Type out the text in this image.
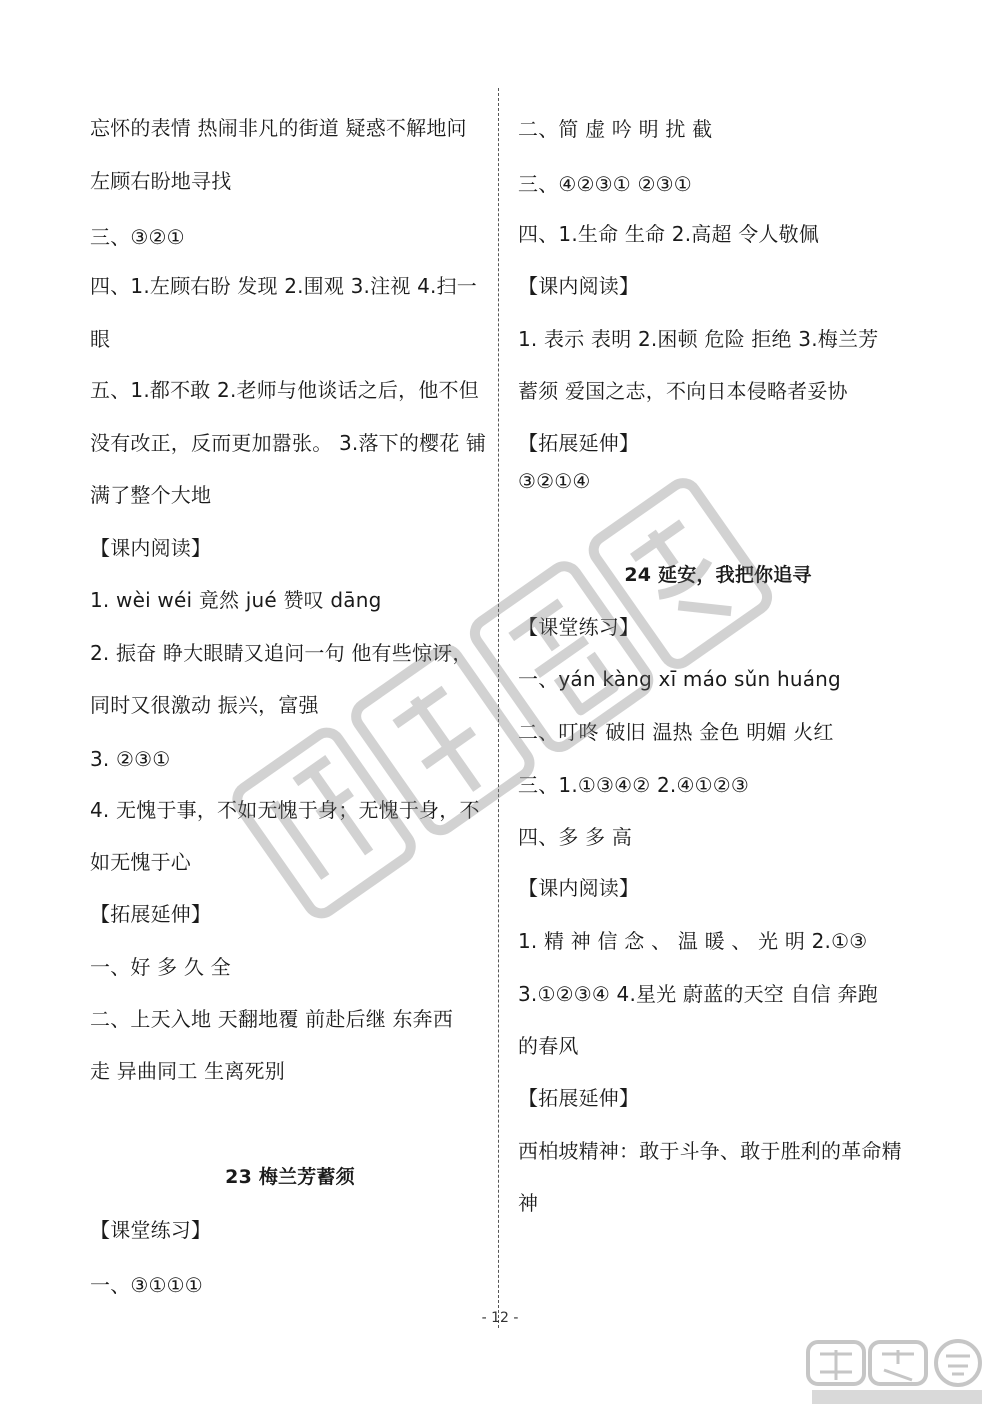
忘怀的表情 热闹非凡的街道 疑惑不解地问
左顾右盼地寻找
三、③②①
四、1.左顾右盼 发现 2.围观 3.注视 4.扫一
眼
五、1.都不敢 2.老师与他谈话之后，他不但
没有改正，反而更加嚣张。 3.落下的樱花 铺
满了整个大地
【课内阅读】
1. wèi wéi 竟然 jué 赞叹 dāng
2. 振奋 睁大眼睛又追问一句 他有些惊讶，
同时又很激动 振兴，富强
3. ②③①
4. 无愧于事，不如无愧于身；无愧于身，不
如无愧于心
【拓展延伸】
一、好 多 久 全
二、上天入地 天翻地覆 前赴后继 东奔西
走 异曲同工 生离死别
23 梅兰芳蓄须
【课堂练习】
一、③①①①
二、简 虚 吟 明 扰 截
三、④②③① ②③①
四、1.生命 生命 2.高超 令人敬佩
【课内阅读】
1. 表示 表明 2.困顿 危险 拒绝 3.梅兰芳
蓄须 爱国之志，不向日本侵略者妥协
【拓展延伸】
③②①④
24 延安，我把你追寻
【课堂练习】
一、yán kàng xī máo sǔn huáng
二、叮咚 破旧 温热 金色 明媚 火红
三、1.①③④② 2.④①②③
四、多 多 高
【课内阅读】
1. 精 神 信 念 、 温 暖 、 光 明 2.①③
3.①②③④ 4.星光 蔚蓝的天空 自信 奔跑
的春风
【拓展延伸】
西柏坡精神：敢于斗争、敢于胜利的革命精
神
- 12 -
